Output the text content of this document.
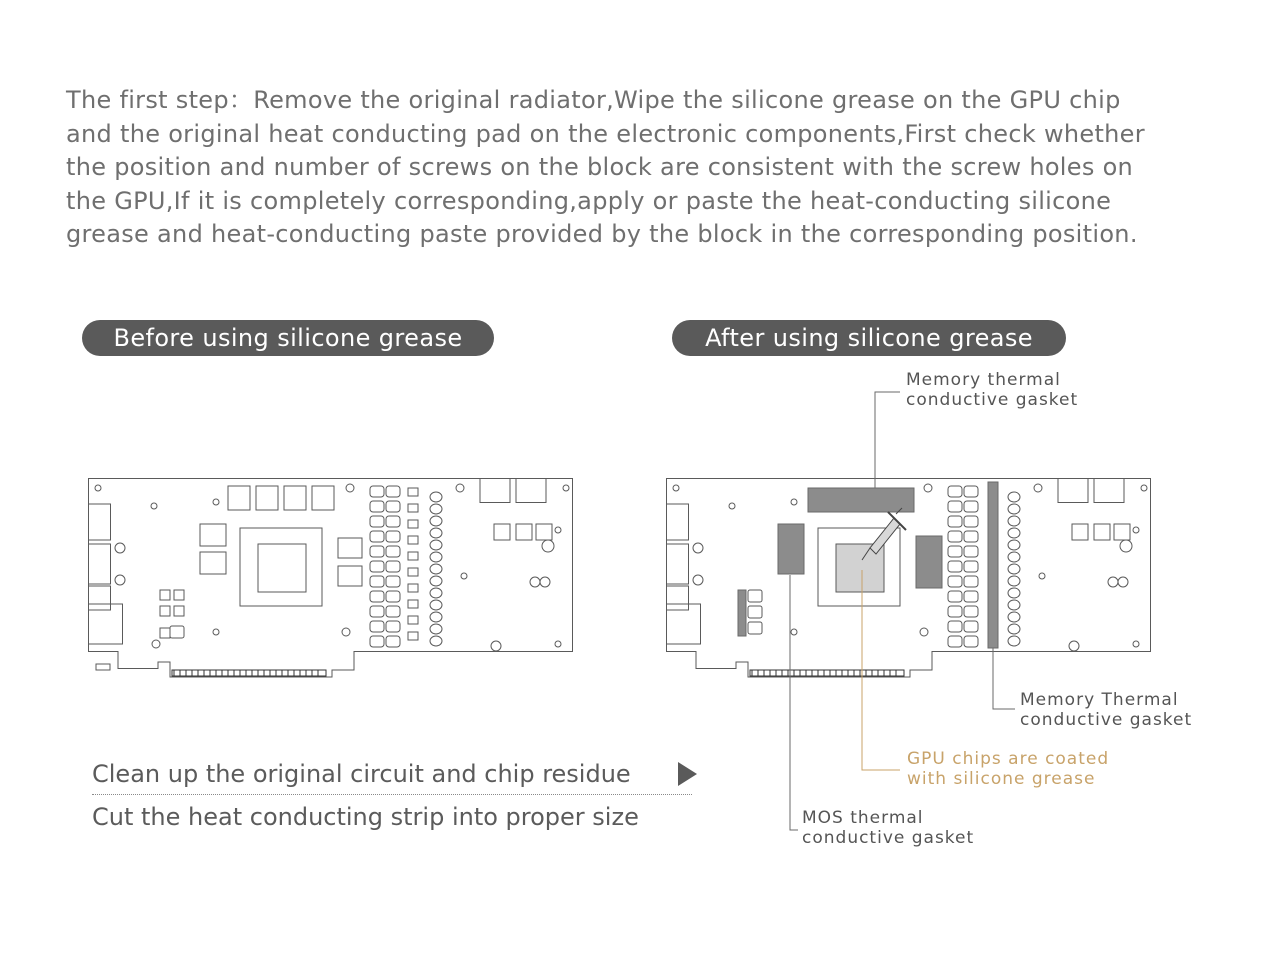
The first step：Remove the original radiator,Wipe the silicone grease on the GPU chip
and the original heat conducting pad on the electronic components,First check whether
the position and number of screws on the block are consistent with the screw holes on
the GPU,If it is completely corresponding,apply or paste the heat-conducting silicone
grease and heat-conducting paste provided by the block in the corresponding position.
Before using silicone grease	After using silicone grease
Memory thermal
conductive gasket
Memory Thermal
conductive gasket
GPU chips are coated
with silicone grease
MOS thermal
conductive gasket
Clean up the original circuit and chip residue
Cut the heat conducting strip into proper size
